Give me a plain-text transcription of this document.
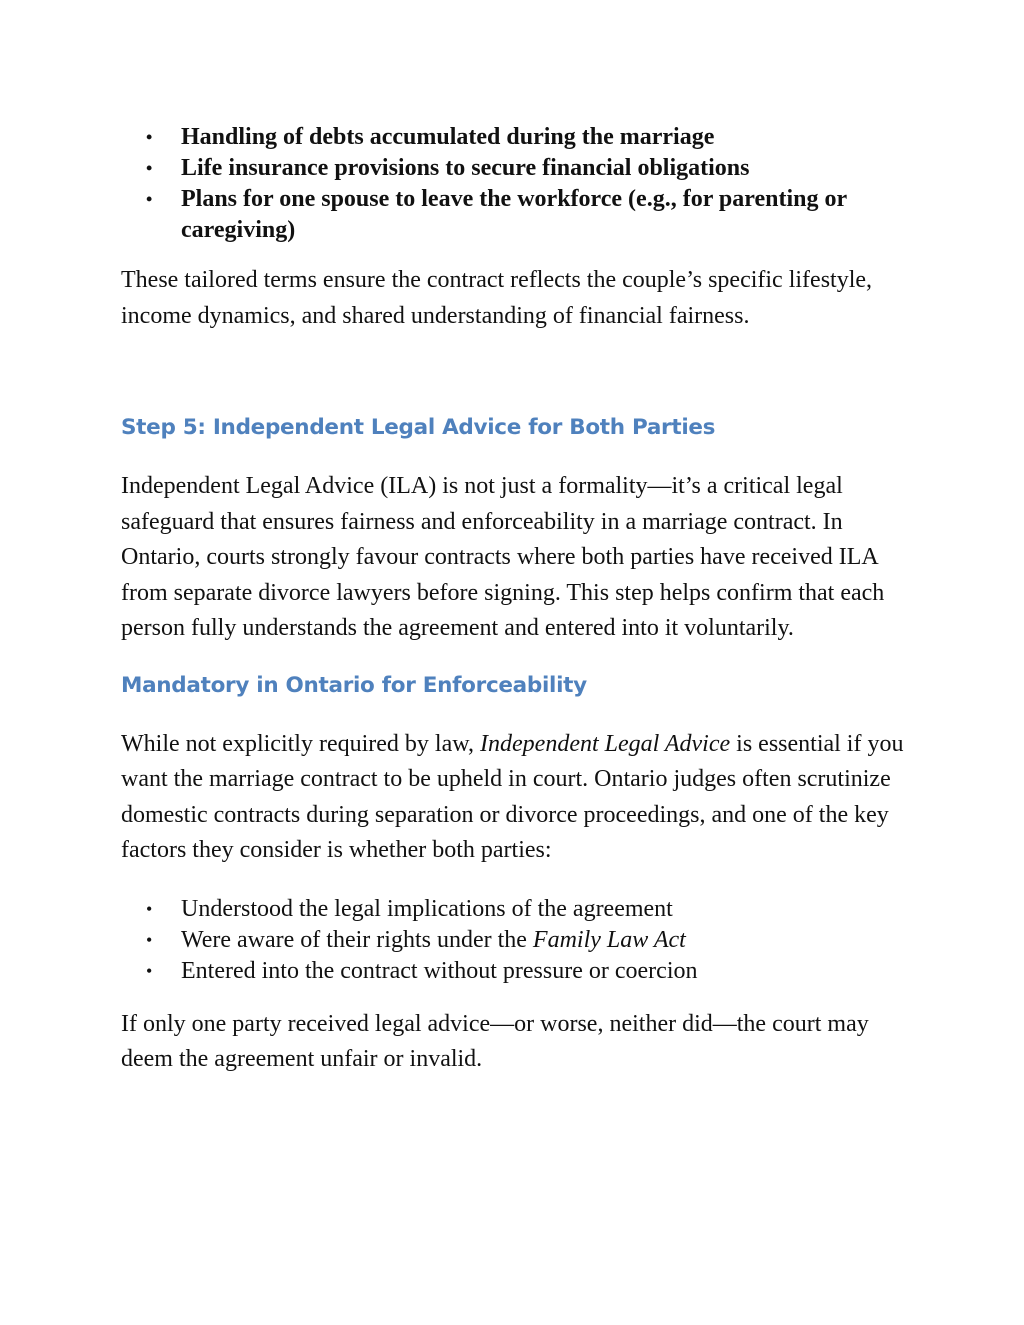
• Handling of debts accumulated during the marriage
• Life insurance provisions to secure financial obligations
• Plans for one spouse to leave the workforce (e.g., for parenting or caregiving)

These tailored terms ensure the contract reflects the couple’s specific lifestyle, income dynamics, and shared understanding of financial fairness.

Step 5: Independent Legal Advice for Both Parties

Independent Legal Advice (ILA) is not just a formality—it’s a critical legal safeguard that ensures fairness and enforceability in a marriage contract. In Ontario, courts strongly favour contracts where both parties have received ILA from separate divorce lawyers before signing. This step helps confirm that each person fully understands the agreement and entered into it voluntarily.

Mandatory in Ontario for Enforceability

While not explicitly required by law, Independent Legal Advice is essential if you want the marriage contract to be upheld in court. Ontario judges often scrutinize domestic contracts during separation or divorce proceedings, and one of the key factors they consider is whether both parties:

• Understood the legal implications of the agreement
• Were aware of their rights under the Family Law Act
• Entered into the contract without pressure or coercion

If only one party received legal advice—or worse, neither did—the court may deem the agreement unfair or invalid.
